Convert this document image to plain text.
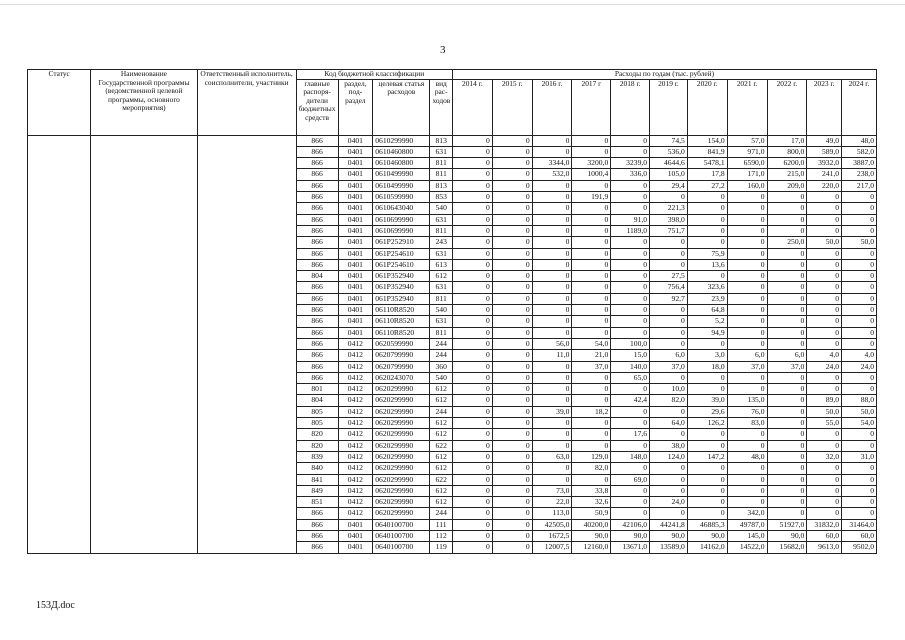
3
Статус	Наименование Государственной программы (ведомственной целевой программы, основного мероприятия)	Ответственный исполнитель, соисполнители, участники	Код бюджетной классификации				Расходы по годам (тыс. рублей)										
			главные распоря-дители бюджетных средств	раздел, под-раздел	целевая статья расходов	вид рас-ходов	2014 г.	2015 г.	2016 г.	2017 г	2018 г.	2019 г.	2020 г.	2021 г.	2022 г.	2023 г.	2024 г.
			866	0401	0610299990	813	0	0	0	0	0	74,5	154,0	57,0	17,0	49,0	48,0
			866	0401	0610460800	631	0	0	0	0	0	536,0	841,9	971,0	800,0	589,0	582,0
			866	0401	0610460800	811	0	0	3344,0	3200,0	3239,0	4644,6	5478,1	6590,0	6200,0	3932,0	3887,0
			866	0401	0610499990	811	0	0	532,0	1000,4	336,0	105,0	17,8	171,0	215,0	241,0	238,0
			866	0401	0610499990	813	0	0	0	0	0	29,4	27,2	160,0	209,0	220,0	217,0
			866	0401	0610599990	853	0	0	0	191,9	0	0	0	0	0	0	0
			866	0401	0610643040	540	0	0	0	0	0	221,3	0	0	0	0	0
			866	0401	0610699990	631	0	0	0	0	91,0	398,0	0	0	0	0	0
			866	0401	0610699990	811	0	0	0	0	1189,0	751,7	0	0	0	0	0
			866	0401	061P252910	243	0	0	0	0	0	0	0	0	250,0	50,0	50,0
			866	0401	061P254610	631	0	0	0	0	0	0	75,9	0	0	0	0
			866	0401	061P254610	613	0	0	0	0	0	0	13,6	0	0	0	0
			804	0401	061P352940	612	0	0	0	0	0	27,5	0	0	0	0	0
			866	0401	061P352940	631	0	0	0	0	0	756,4	323,6	0	0	0	0
			866	0401	061P352940	811	0	0	0	0	0	92,7	23,9	0	0	0	0
			866	0401	06110R8520	540	0	0	0	0	0	0	64,8	0	0	0	0
			866	0401	06110R8520	631	0	0	0	0	0	0	5,2	0	0	0	0
			866	0401	06110R8520	811	0	0	0	0	0	0	94,9	0	0	0	0
			866	0412	0620599990	244	0	0	56,0	54,0	100,0	0	0	0	0	0	0
			866	0412	0620799990	244	0	0	11,0	21,0	15,0	6,0	3,0	6,0	6,0	4,0	4,0
			866	0412	0620799990	360	0	0	0	37,0	140,0	37,0	18,0	37,0	37,0	24,0	24,0
			866	0412	0620243070	540	0	0	0	0	65,0	0	0	0	0	0	0
			801	0412	0620299990	612	0	0	0	0	0	10,0	0	0	0	0	0
			804	0412	0620299990	612	0	0	0	0	42,4	82,0	39,0	135,0	0	89,0	88,0
			805	0412	0620299990	244	0	0	39,0	18,2	0	0	29,6	76,0	0	50,0	50,0
			805	0412	0620299990	612	0	0	0	0	0	64,0	126,2	83,0	0	55,0	54,0
			820	0412	0620299990	612	0	0	0	0	17,6	0	0	0	0	0	0
			820	0412	0620299990	622	0	0	0	0	0	38,0	0	0	0	0	0
			839	0412	0620299990	612	0	0	63,0	129,0	148,0	124,0	147,2	48,0	0	32,0	31,0
			840	0412	0620299990	612	0	0	0	82,0	0	0	0	0	0	0	0
			841	0412	0620299990	622	0	0	0	0	69,0	0	0	0	0	0	0
			849	0412	0620299990	612	0	0	73,0	33,8	0	0	0	0	0	0	0
			851	0412	0620299990	612	0	0	22,0	32,6	0	24,0	0	0	0	0	0
			866	0412	0620299990	244	0	0	113,0	50,9	0	0	0	342,0	0	0	0
			866	0401	0640100700	111	0	0	42505,0	40200,0	42106,0	44241,8	46885,3	49787,0	51927,0	31832,0	31464,0
			866	0401	0640100700	112	0	0	1672,5	90,0	90,0	90,0	90,0	145,0	90,0	60,0	60,0
			866	0401	0640100700	119	0	0	12007,5	12160,0	13671,0	13589,0	14162,0	14522,0	15682,0	9613,0	9502,0
153Д.doc
